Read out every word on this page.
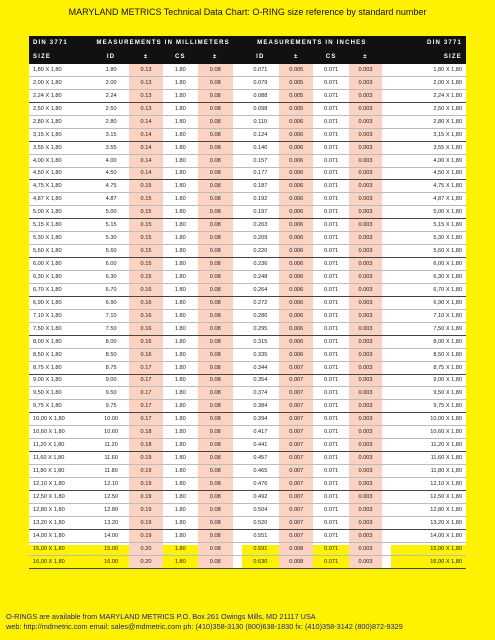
MARYLAND METRICS Technical Data Chart: O-RING size reference by standard number
DIN 3771	MEASUREMENTS IN MILLIMETERS					MEASUREMENTS IN INCHES					DIN 3771
SIZE	ID	±	CS	±		ID	±	CS	±		SIZE
1,80 X 1,80	1.80	0.13	1.80	0.08		0.071	0.005	0.071	0.003		1,80 X 1,80
2,00 X 1,80	2.00	0.13	1.80	0.08		0.079	0.005	0.071	0.003		2,00 X 1,80
2,24 X 1,80	2.24	0.13	1.80	0.08		0.088	0.005	0.071	0.003		2,24 X 1,80
2,50 X 1,80	2.50	0.13	1.80	0.08		0.098	0.005	0.071	0.003		2,50 X 1,80
2,80 X 1,80	2.80	0.14	1.80	0.08		0.110	0.006	0.071	0.003		2,80 X 1,80
3,15 X 1,80	3.15	0.14	1.80	0.08		0.124	0.006	0.071	0.003		3,15 X 1,80
3,55 X 1,80	3.55	0.14	1.80	0.08		0.140	0.006	0.071	0.003		3,55 X 1,80
4,00 X 1,80	4.00	0.14	1.80	0.08		0.157	0.006	0.071	0.003		4,00 X 1,80
4,50 X 1,80	4.50	0.14	1.80	0.08		0.177	0.006	0.071	0.003		4,50 X 1,80
4,75 X 1,80	4.75	0.15	1.80	0.08		0.187	0.006	0.071	0.003		4,75 X 1,80
4,87 X 1,80	4.87	0.15	1.80	0.08		0.192	0.006	0.071	0.003		4,87 X 1,80
5,00 X 1,80	5.00	0.15	1.80	0.08		0.197	0.006	0.071	0.003		5,00 X 1,80
5,15 X 1,80	5.15	0.15	1.80	0.08		0.203	0.006	0.071	0.003		5,15 X 1,80
5,30 X 1,80	5.30	0.15	1.80	0.08		0.209	0.006	0.071	0.003		5,30 X 1,80
5,60 X 1,80	5.60	0.15	1.80	0.08		0.220	0.006	0.071	0.003		5,60 X 1,80
6,00 X 1,80	6.00	0.15	1.80	0.08		0.236	0.006	0.071	0.003		6,00 X 1,80
6,30 X 1,80	6.30	0.15	1.80	0.08		0.248	0.006	0.071	0.003		6,30 X 1,80
6,70 X 1,80	6.70	0.16	1.80	0.08		0.264	0.006	0.071	0.003		6,70 X 1,80
6,90 X 1,80	6.90	0.16	1.80	0.08		0.272	0.006	0.071	0.003		6,90 X 1,80
7,10 X 1,80	7.10	0.16	1.80	0.08		0.280	0.006	0.071	0.003		7,10 X 1,80
7,50 X 1,80	7.50	0.16	1.80	0.08		0.295	0.006	0.071	0.003		7,50 X 1,80
8,00 X 1,80	8.00	0.16	1.80	0.08		0.315	0.006	0.071	0.003		8,00 X 1,80
8,50 X 1,80	8.50	0.16	1.80	0.08		0.335	0.006	0.071	0.003		8,50 X 1,80
8,75 X 1,80	8.75	0.17	1.80	0.08		0.344	0.007	0.071	0.003		8,75 X 1,80
9,00 X 1,80	9.00	0.17	1.80	0.08		0.354	0.007	0.071	0.003		9,00 X 1,80
9,50 X 1,80	9.50	0.17	1.80	0.08		0.374	0.007	0.071	0.003		9,50 X 1,80
9,75 X 1,80	9.75	0.17	1.80	0.08		0.384	0.007	0.071	0.003		9,75 X 1,80
10,00 X 1,80	10.00	0.17	1.80	0.08		0.394	0.007	0.071	0.003		10,00 X 1,80
10,60 X 1,80	10.60	0.18	1.80	0.08		0.417	0.007	0.071	0.003		10,60 X 1,80
11,20 X 1,80	11.20	0.18	1.80	0.08		0.441	0.007	0.071	0.003		11,20 X 1,80
11,60 X 1,80	11.60	0.19	1.80	0.08		0.457	0.007	0.071	0.003		11,60 X 1,80
11,80 X 1,80	11.80	0.19	1.80	0.08		0.465	0.007	0.071	0.003		11,80 X 1,80
12,10 X 1,80	12.10	0.19	1.80	0.08		0.476	0.007	0.071	0.003		12,10 X 1,80
12,50 X 1,80	12.50	0.19	1.80	0.08		0.492	0.007	0.071	0.003		12,50 X 1,80
12,80 X 1,80	12.80	0.19	1.80	0.08		0.504	0.007	0.071	0.003		12,80 X 1,80
13,20 X 1,80	13.20	0.19	1.80	0.08		0.520	0.007	0.071	0.003		13,20 X 1,80
14,00 X 1,80	14.00	0.19	1.80	0.08		0.551	0.007	0.071	0.003		14,00 X 1,80
15,00 X 1,80	15.00	0.20	1.80	0.08		0.591	0.008	0.071	0.003		15,00 X 1,80
16,00 X 1,80	16.00	0.20	1.80	0.08		0.630	0.008	0.071	0.003		16,00 X 1,80
O-RINGS are available from MARYLAND METRICS P.O. Box 261 Owings Mills, MD 21117 USA
web: http://mdmetric.com email: sales@mdmetric.com ph: (410)358-3130 (800)638-1830 fx: (410)358-3142 (800)872-9329
